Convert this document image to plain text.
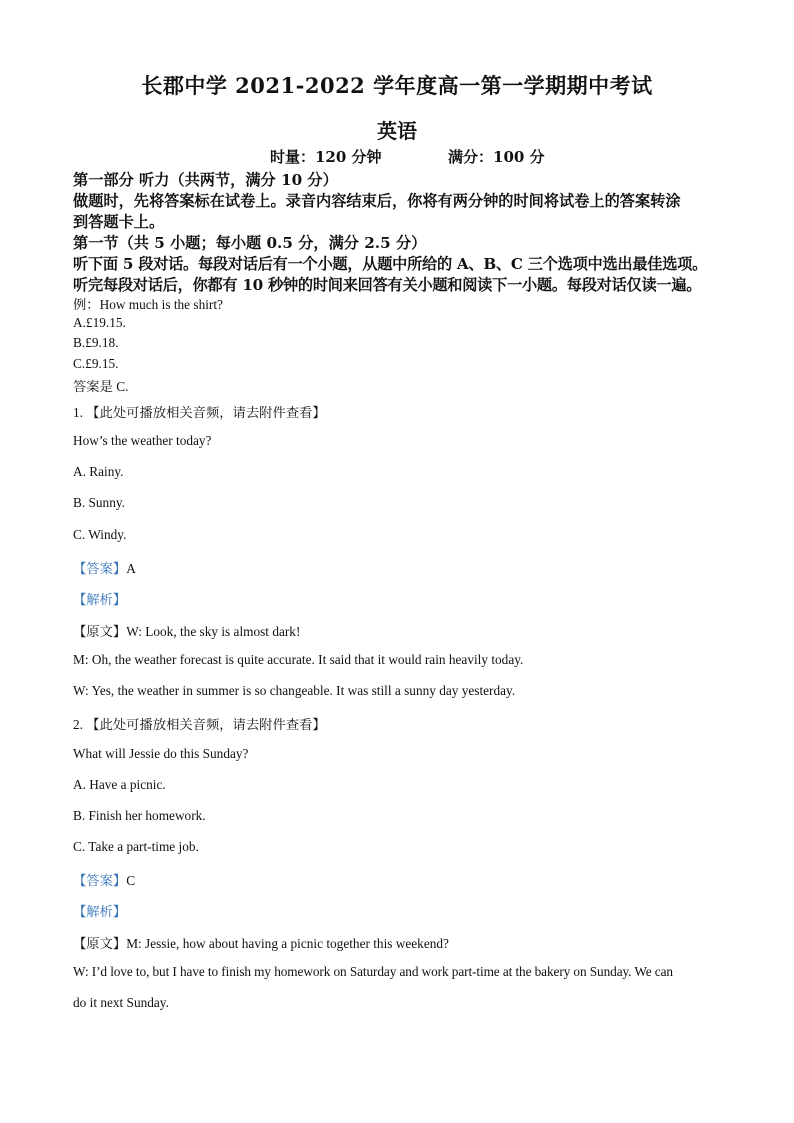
长郡中学 2021-2022 学年度高一第一学期期中考试
英语
时量：120 分钟	满分：100 分
第一部分 听力（共两节，满分 10 分）
做题时，先将答案标在试卷上。录音内容结束后，你将有两分钟的时间将试卷上的答案转涂
到答题卡上。
第一节（共 5 小题；每小题 0.5 分，满分 2.5 分）
听下面 5 段对话。每段对话后有一个小题，从题中所给的 A、B、C 三个选项中选出最佳选项。
听完每段对话后，你都有 10 秒钟的时间来回答有关小题和阅读下一小题。每段对话仅读一遍。
例：How much is the shirt?
A.£19.15.
B.£9.18.
C.£9.15.
答案是 C.
1. 【此处可播放相关音频，请去附件查看】
How’s the weather today?
A. Rainy.
B. Sunny.
C. Windy.
【答案】A
【解析】
【原文】W: Look, the sky is almost dark!
M: Oh, the weather forecast is quite accurate. It said that it would rain heavily today.
W: Yes, the weather in summer is so changeable. It was still a sunny day yesterday.
2. 【此处可播放相关音频，请去附件查看】
What will Jessie do this Sunday?
A. Have a picnic.
B. Finish her homework.
C. Take a part-time job.
【答案】C
【解析】
【原文】M: Jessie, how about having a picnic together this weekend?
W: I’d love to, but I have to finish my homework on Saturday and work part-time at the bakery on Sunday. We can
do it next Sunday.
